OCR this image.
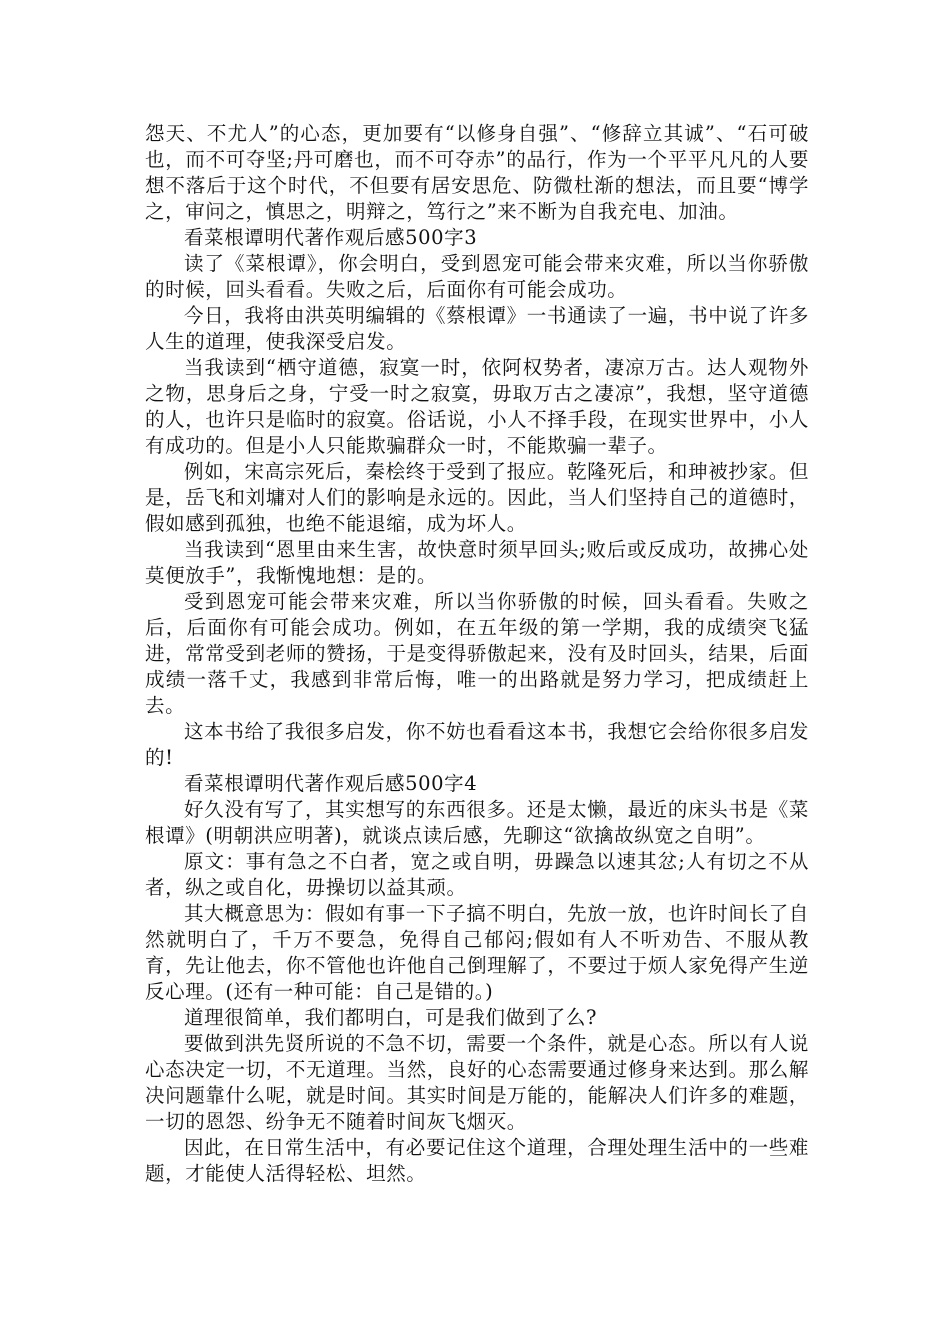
怨天、不尤人”的心态，更加要有“以修身自强”、“修辞立其诚”、“石可破也，而不可夺坚;丹可磨也，而不可夺赤”的品行，作为一个平平凡凡的人要想不落后于这个时代，不但要有居安思危、防微杜渐的想法，而且要“博学之，审问之，慎思之，明辩之，笃行之”来不断为自我充电、加油。

看菜根谭明代著作观后感500字3

读了《菜根谭》，你会明白，受到恩宠可能会带来灾难，所以当你骄傲的时候，回头看看。失败之后，后面你有可能会成功。

今日，我将由洪英明编辑的《蔡根谭》一书通读了一遍，书中说了许多人生的道理，使我深受启发。

当我读到“栖守道德，寂寞一时，依阿权势者，凄凉万古。达人观物外之物，思身后之身，宁受一时之寂寞，毋取万古之凄凉”，我想，坚守道德的人，也许只是临时的寂寞。俗话说，小人不择手段，在现实世界中，小人有成功的。但是小人只能欺骗群众一时，不能欺骗一辈子。

例如，宋高宗死后，秦桧终于受到了报应。乾隆死后，和珅被抄家。但是，岳飞和刘墉对人们的影响是永远的。因此，当人们坚持自己的道德时，假如感到孤独，也绝不能退缩，成为坏人。

当我读到“恩里由来生害，故快意时须早回头;败后或反成功，故拂心处莫便放手”，我惭愧地想：是的。

受到恩宠可能会带来灾难，所以当你骄傲的时候，回头看看。失败之后，后面你有可能会成功。例如，在五年级的第一学期，我的成绩突飞猛进，常常受到老师的赞扬，于是变得骄傲起来，没有及时回头，结果，后面成绩一落千丈，我感到非常后悔，唯一的出路就是努力学习，把成绩赶上去。

这本书给了我很多启发，你不妨也看看这本书，我想它会给你很多启发的!

看菜根谭明代著作观后感500字4

好久没有写了，其实想写的东西很多。还是太懒，最近的床头书是《菜根谭》(明朝洪应明著)，就谈点读后感，先聊这“欲擒故纵宽之自明”。

原文：事有急之不白者，宽之或自明，毋躁急以速其忿;人有切之不从者，纵之或自化，毋操切以益其顽。

其大概意思为：假如有事一下子搞不明白，先放一放，也许时间长了自然就明白了，千万不要急，免得自己郁闷;假如有人不听劝告、不服从教育，先让他去，你不管他也许他自己倒理解了，不要过于烦人家免得产生逆反心理。(还有一种可能：自己是错的。)

道理很简单，我们都明白，可是我们做到了么?

要做到洪先贤所说的不急不切，需要一个条件，就是心态。所以有人说心态决定一切，不无道理。当然，良好的心态需要通过修身来达到。那么解决问题靠什么呢，就是时间。其实时间是万能的，能解决人们许多的难题，一切的恩怨、纷争无不随着时间灰飞烟灭。

因此，在日常生活中，有必要记住这个道理，合理处理生活中的一些难题，才能使人活得轻松、坦然。
